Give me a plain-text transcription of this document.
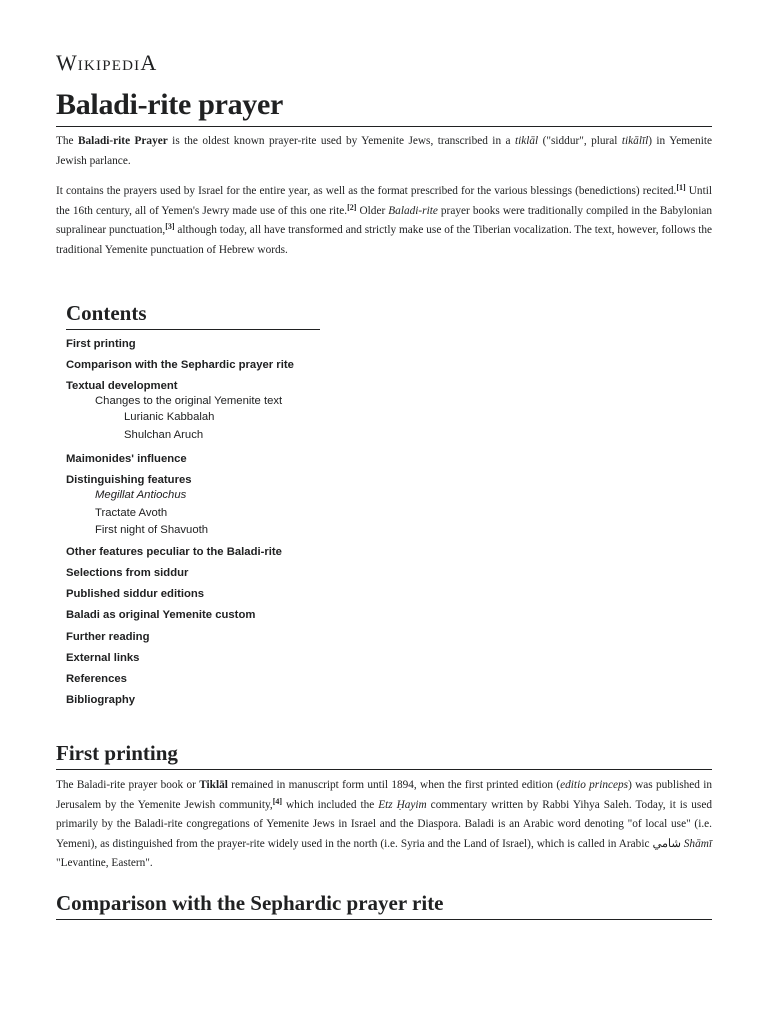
WIKIPEDIA
Baladi-rite prayer

The Baladi-rite Prayer is the oldest known prayer-rite used by Yemenite Jews, transcribed in a tiklāl ("siddur", plural tikālīl) in Yemenite Jewish parlance.

It contains the prayers used by Israel for the entire year, as well as the format prescribed for the various blessings (benedictions) recited.[1] Until the 16th century, all of Yemen's Jewry made use of this one rite.[2] Older Baladi-rite prayer books were traditionally compiled in the Babylonian supralinear punctuation,[3] although today, all have transformed and strictly make use of the Tiberian vocalization. The text, however, follows the traditional Yemenite punctuation of Hebrew words.

Contents
First printing
Comparison with the Sephardic prayer rite
Textual development
Changes to the original Yemenite text
Lurianic Kabbalah
Shulchan Aruch
Maimonides' influence
Distinguishing features
Megillat Antiochus
Tractate Avoth
First night of Shavuoth
Other features peculiar to the Baladi-rite
Selections from siddur
Published siddur editions
Baladi as original Yemenite custom
Further reading
External links
References
Bibliography
First printing

The Baladi-rite prayer book or Tiklāl remained in manuscript form until 1894, when the first printed edition (editio princeps) was published in Jerusalem by the Yemenite Jewish community,[4] which included the Etz Ḥayim commentary written by Rabbi Yihya Saleh. Today, it is used primarily by the Baladi-rite congregations of Yemenite Jews in Israel and the Diaspora. Baladi is an Arabic word denoting "of local use" (i.e. Yemeni), as distinguished from the prayer-rite widely used in the north (i.e. Syria and the Land of Israel), which is called in Arabic شامي Shāmī "Levantine, Eastern".

Comparison with the Sephardic prayer rite
